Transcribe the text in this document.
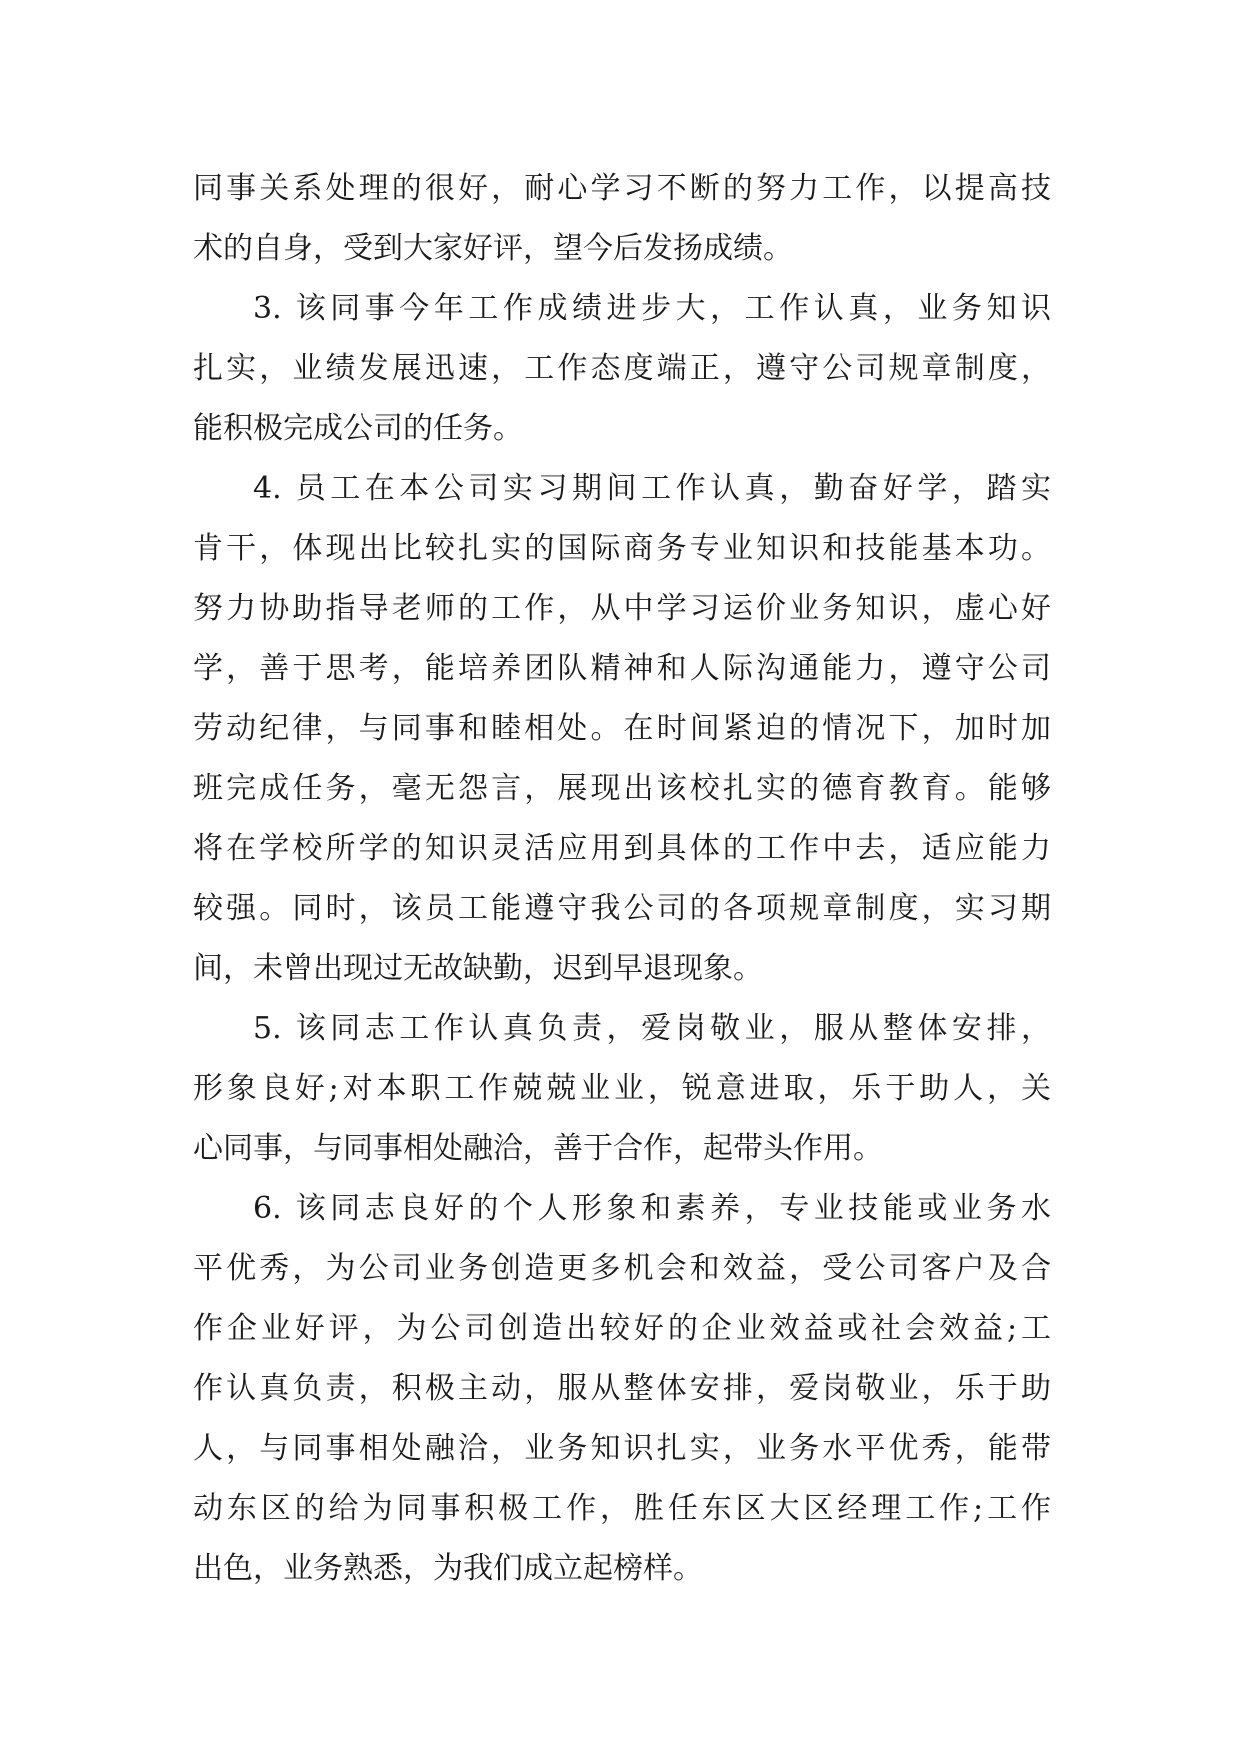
同事关系处理的很好，耐心学习不断的努力工作，以提高技
术的自身，受到大家好评，望今后发扬成绩。
3. 该同事今年工作成绩进步大，工作认真，业务知识
扎实，业绩发展迅速，工作态度端正，遵守公司规章制度，
能积极完成公司的任务。
4. 员工在本公司实习期间工作认真，勤奋好学，踏实
肯干，体现出比较扎实的国际商务专业知识和技能基本功。
努力协助指导老师的工作，从中学习运价业务知识，虚心好
学，善于思考，能培养团队精神和人际沟通能力，遵守公司
劳动纪律，与同事和睦相处。在时间紧迫的情况下，加时加
班完成任务，毫无怨言，展现出该校扎实的德育教育。能够
将在学校所学的知识灵活应用到具体的工作中去，适应能力
较强。同时，该员工能遵守我公司的各项规章制度，实习期
间，未曾出现过无故缺勤，迟到早退现象。
5. 该同志工作认真负责，爱岗敬业，服从整体安排，
形象良好;对本职工作兢兢业业，锐意进取，乐于助人，关
心同事，与同事相处融洽，善于合作，起带头作用。
6. 该同志良好的个人形象和素养，专业技能或业务水
平优秀，为公司业务创造更多机会和效益，受公司客户及合
作企业好评，为公司创造出较好的企业效益或社会效益;工
作认真负责，积极主动，服从整体安排，爱岗敬业，乐于助
人，与同事相处融洽，业务知识扎实，业务水平优秀，能带
动东区的给为同事积极工作，胜任东区大区经理工作;工作
出色，业务熟悉，为我们成立起榜样。
